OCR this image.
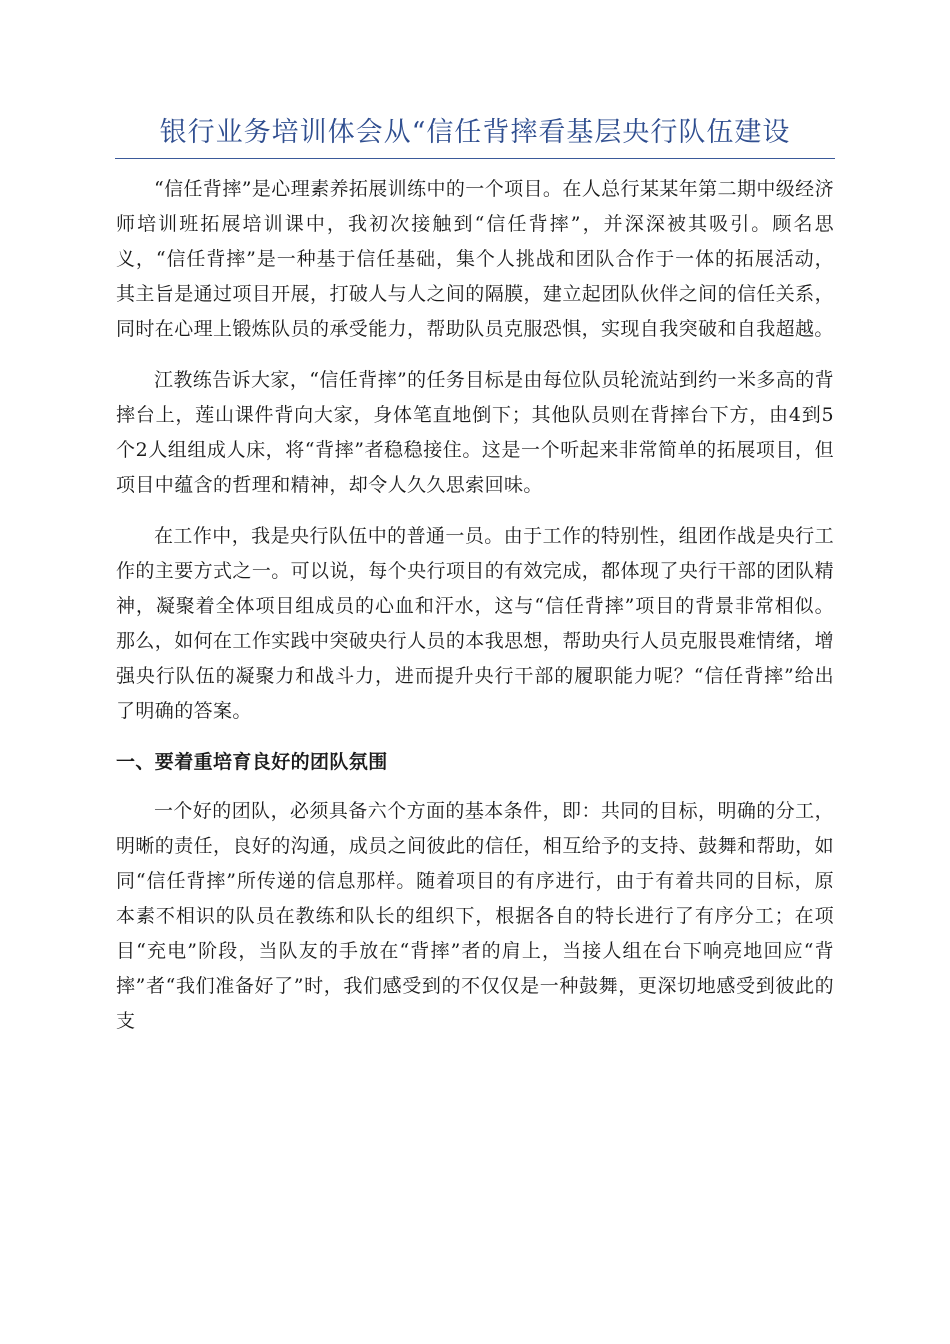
银行业务培训体会从“信任背摔看基层央行队伍建设

“信任背摔”是心理素养拓展训练中的一个项目。在人总行某某年第二期中级经济师培训班拓展培训课中，我初次接触到“信任背摔”，并深深被其吸引。顾名思义，“信任背摔”是一种基于信任基础，集个人挑战和团队合作于一体的拓展活动，其主旨是通过项目开展，打破人与人之间的隔膜，建立起团队伙伴之间的信任关系，同时在心理上锻炼队员的承受能力，帮助队员克服恐惧，实现自我突破和自我超越。

江教练告诉大家，“信任背摔”的任务目标是由每位队员轮流站到约一米多高的背摔台上，莲山课件背向大家，身体笔直地倒下；其他队员则在背摔台下方，由4到5个2人组组成人床，将“背摔”者稳稳接住。这是一个听起来非常简单的拓展项目，但项目中蕴含的哲理和精神，却令人久久思索回味。

在工作中，我是央行队伍中的普通一员。由于工作的特别性，组团作战是央行工作的主要方式之一。可以说，每个央行项目的有效完成，都体现了央行干部的团队精神，凝聚着全体项目组成员的心血和汗水，这与“信任背摔”项目的背景非常相似。那么，如何在工作实践中突破央行人员的本我思想，帮助央行人员克服畏难情绪，增强央行队伍的凝聚力和战斗力，进而提升央行干部的履职能力呢？“信任背摔”给出了明确的答案。

一、要着重培育良好的团队氛围

一个好的团队，必须具备六个方面的基本条件，即：共同的目标，明确的分工，明晰的责任，良好的沟通，成员之间彼此的信任，相互给予的支持、鼓舞和帮助，如同“信任背摔”所传递的信息那样。随着项目的有序进行，由于有着共同的目标，原本素不相识的队员在教练和队长的组织下，根据各自的特长进行了有序分工；在项目“充电”阶段，当队友的手放在“背摔”者的肩上，当接人组在台下响亮地回应“背摔”者“我们准备好了”时，我们感受到的不仅仅是一种鼓舞，更深切地感受到彼此的支
